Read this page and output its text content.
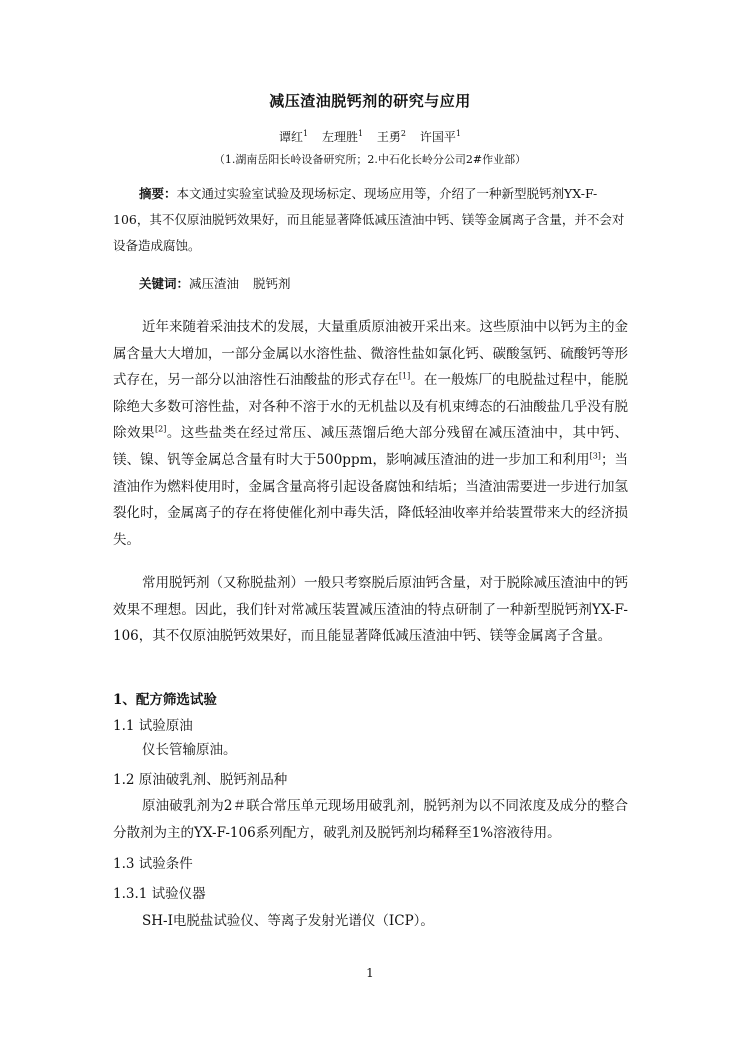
减压渣油脱钙剂的研究与应用
谭红$^1$ 左理胜$^1$ 王勇$^2$ 许国平$^1$
（1.湖南岳阳长岭设备研究所；2.中石化长岭分公司2#作业部）
摘要：本文通过实验室试验及现场标定、现场应用等，介绍了一种新型脱钙剂YX-F-106，其不仅原油脱钙效果好，而且能显著降低减压渣油中钙、镁等金属离子含量，并不会对设备造成腐蚀。
关键词：减压渣油 脱钙剂
近年来随着采油技术的发展，大量重质原油被开采出来。这些原油中以钙为主的金属含量大大增加，一部分金属以水溶性盐、微溶性盐如氯化钙、碳酸氢钙、硫酸钙等形式存在，另一部分以油溶性石油酸盐的形式存在[1]。在一般炼厂的电脱盐过程中，能脱除绝大多数可溶性盐，对各种不溶于水的无机盐以及有机束缚态的石油酸盐几乎没有脱除效果[2]。这些盐类在经过常压、减压蒸馏后绝大部分残留在减压渣油中，其中钙、镁、镍、钒等金属总含量有时大于500ppm，影响减压渣油的进一步加工和利用[3]；当渣油作为燃料使用时，金属含量高将引起设备腐蚀和结垢；当渣油需要进一步进行加氢裂化时，金属离子的存在将使催化剂中毒失活，降低轻油收率并给装置带来大的经济损失。
常用脱钙剂（又称脱盐剂）一般只考察脱后原油钙含量，对于脱除减压渣油中的钙效果不理想。因此，我们针对常减压装置减压渣油的特点研制了一种新型脱钙剂YX-F-106，其不仅原油脱钙效果好，而且能显著降低减压渣油中钙、镁等金属离子含量。
1、配方筛选试验
1.1 试验原油
仪长管输原油。
1.2 原油破乳剂、脱钙剂品种
原油破乳剂为2＃联合常压单元现场用破乳剂，脱钙剂为以不同浓度及成分的整合分散剂为主的YX-F-106系列配方，破乳剂及脱钙剂均稀释至1%溶液待用。
1.3 试验条件
1.3.1 试验仪器
SH-Ⅰ电脱盐试验仪、等离子发射光谱仪（ICP）。
1
